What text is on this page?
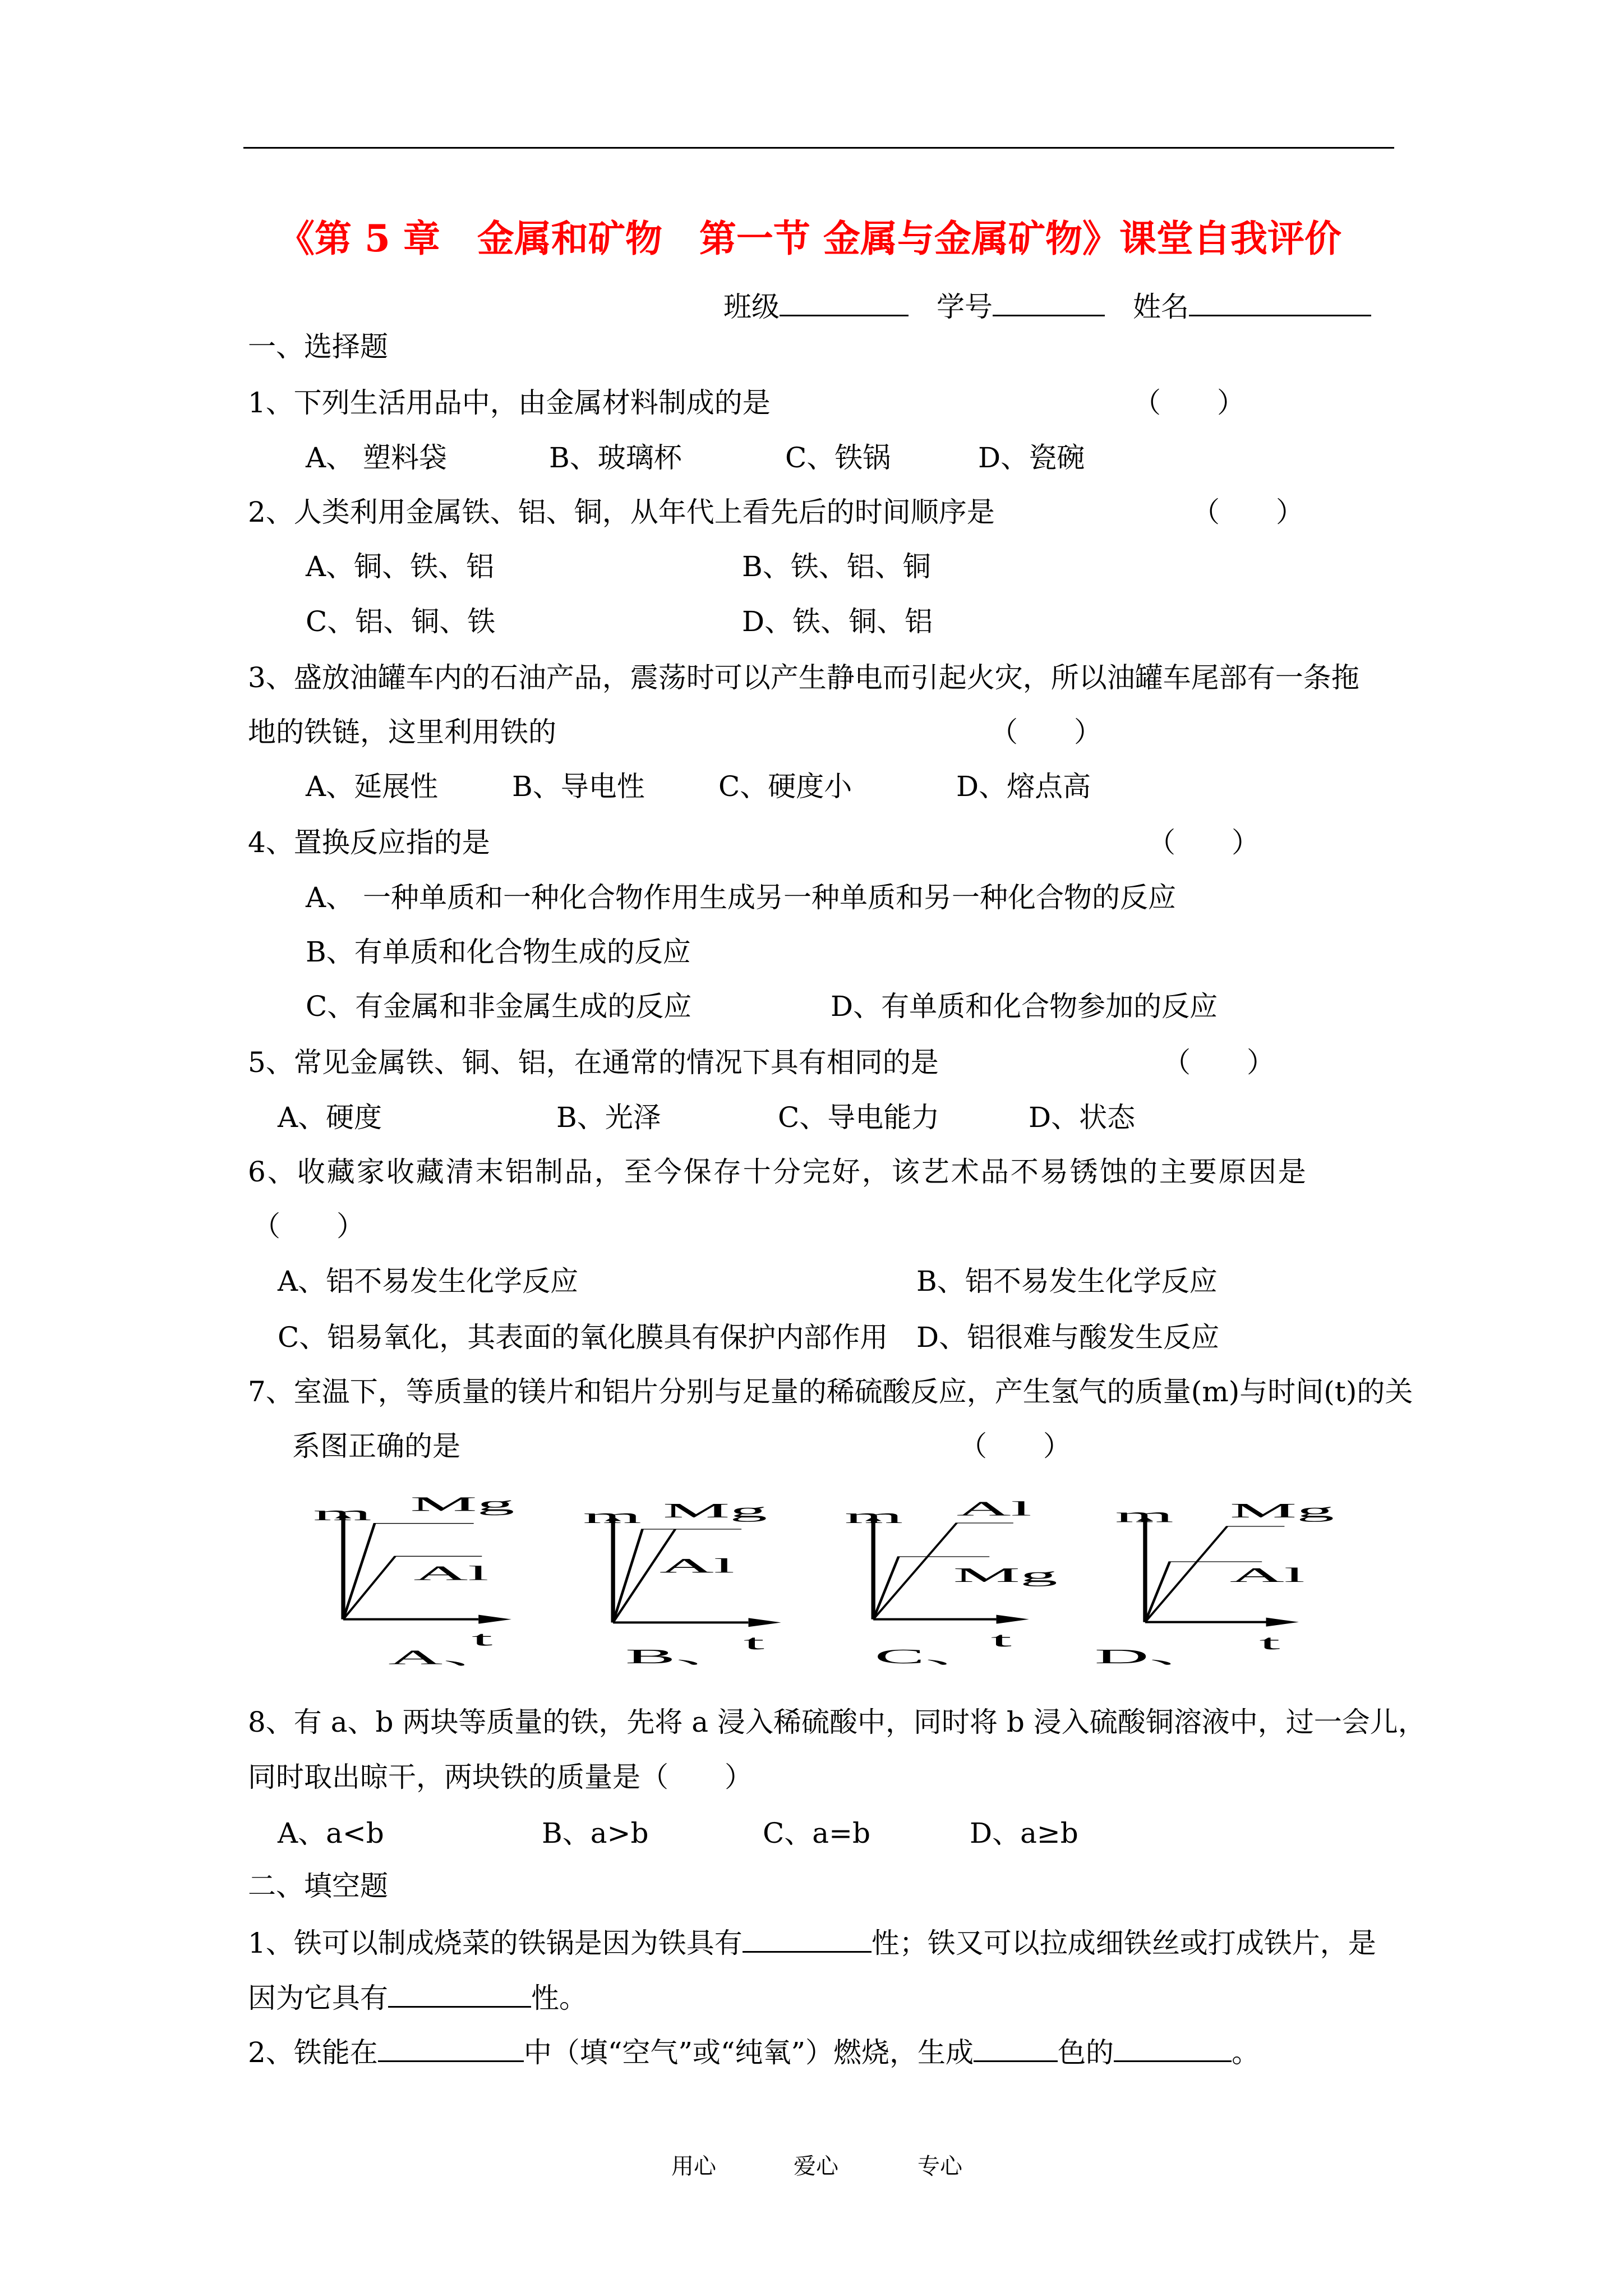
《第 5 章　金属和矿物　第一节 金属与金属矿物》课堂自我评价
班级　	学号　	姓名
一、选择题
1、下列生活用品中，由金属材料制成的是	（　　）
A、 塑料袋	B、玻璃杯	C、铁锅	D、瓷碗
2、人类利用金属铁、铝、铜，从年代上看先后的时间顺序是	（　　）
A、铜、铁、铝	B、铁、铝、铜
C、铝、铜、铁	D、铁、铜、铝
3、盛放油罐车内的石油产品，震荡时可以产生静电而引起火灾，所以油罐车尾部有一条拖
地的铁链，这里利用铁的	（　　）
A、延展性	B、导电性	C、硬度小	D、熔点高
4、置换反应指的是	（　　）
A、 一种单质和一种化合物作用生成另一种单质和另一种化合物的反应
B、有单质和化合物生成的反应
C、有金属和非金属生成的反应	D、有单质和化合物参加的反应
5、常见金属铁、铜、铝，在通常的情况下具有相同的是	（　　）
A、硬度	B、光泽	C、导电能力	D、状态
6、收藏家收藏清末铝制品，至今保存十分完好，该艺术品不易锈蚀的主要原因是
（　　）
A、铝不易发生化学反应	B、铝不易发生化学反应
C、铝易氧化，其表面的氧化膜具有保护内部作用 D、铝很难与酸发生反应
7、室温下，等质量的镁片和铝片分别与足量的稀硫酸反应，产生氢气的质量(m)与时间(t)的关
系图正确的是	（　　）
m Mg
Al
t
A、
m Mg
Al
t
B、
m Al
Mg
t
C、
m Mg
Al
t
D、
8、有 a、b 两块等质量的铁，先将 a 浸入稀硫酸中，同时将 b 浸入硫酸铜溶液中，过一会儿，
同时取出晾干，两块铁的质量是（　　）
A、a<b	B、a>b	C、a=b	D、a≥b
二、填空题
1、铁可以制成烧菜的铁锅是因为铁具有	性；铁又可以拉成细铁丝或打成铁片，是
因为它具有	性。
2、铁能在	中（填“空气”或“纯氧”）燃烧，生成	色的	。
用心	爱心	专心
